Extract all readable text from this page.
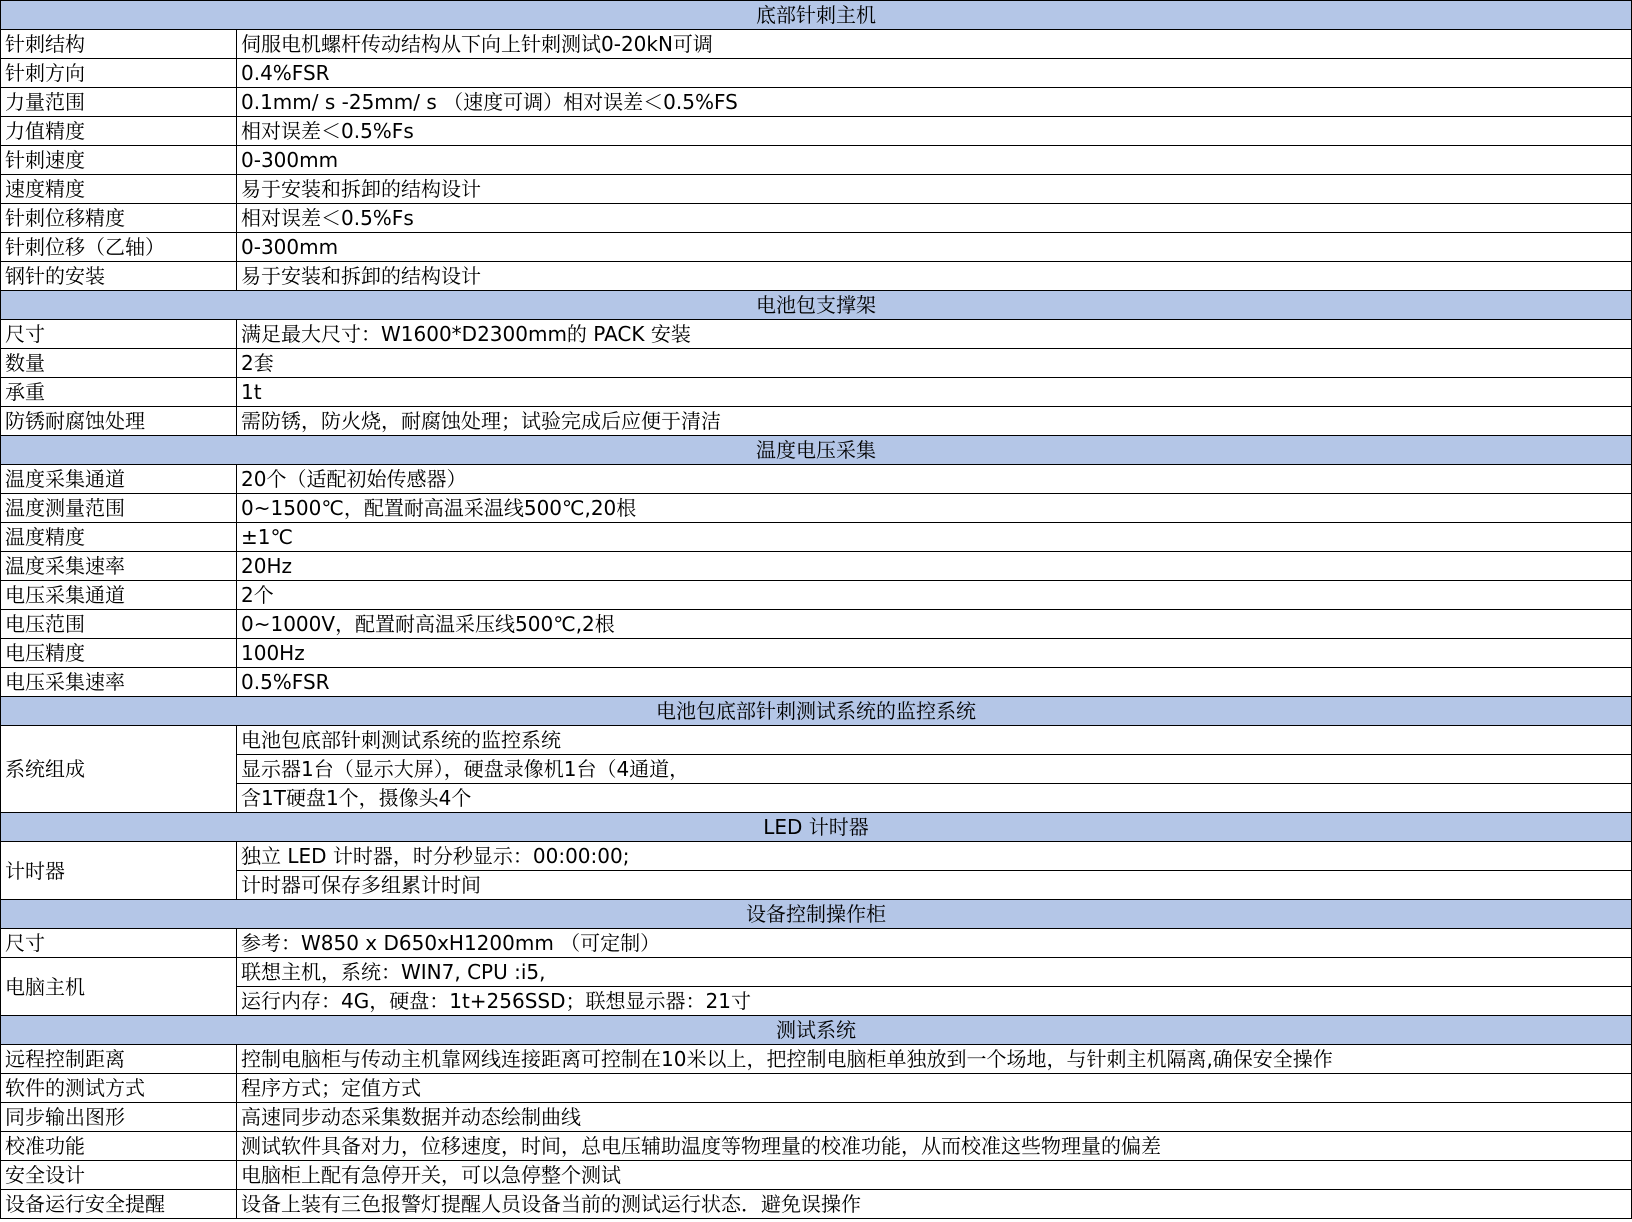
底部针刺主机	
针刺结构	伺服电机螺杆传动结构从下向上针刺测试0-20kN可调

针刺方向	0.4%FSR

力量范围	0.1mm/ s -25mm/ s （速度可调）相对误差＜0.5%FS

力值精度	相对误差＜0.5%Fs

针刺速度	0-300mm

速度精度	易于安装和拆卸的结构设计

针刺位移精度	相对误差＜0.5%Fs

针刺位移（乙轴）	0-300mm

钢针的安装	易于安装和拆卸的结构设计

电池包支撑架	
尺寸	满足最大尺寸：W1600*D2300mm的 PACK 安装

数量	2套

承重	1t

防锈耐腐蚀处理	需防锈，防火烧，耐腐蚀处理；试验完成后应便于清洁

温度电压采集	
温度采集通道	20个（适配初始传感器）

温度测量范围	0~1500℃，配置耐高温采温线500℃,20根

温度精度	±1℃

温度采集速率	20Hz

电压采集通道	2个

电压范围	0~1000V，配置耐高温采压线500℃,2根

电压精度	100Hz

电压采集速率	0.5%FSR

电池包底部针刺测试系统的监控系统	
系统组成	电池包底部针刺测试系统的监控系统
显示器1台（显示大屏），硬盘录像机1台（4通道，
含1T硬盘1个，摄像头4个

LED 计时器	
计时器	独立 LED 计时器，时分秒显示：00:00:00;
计时器可保存多组累计时间

设备控制操作柜	
尺寸	参考：W850 x D650xH1200mm （可定制）

电脑主机	联想主机，系统：WIN7, CPU :i5,
运行内存：4G，硬盘：1t+256SSD；联想显示器：21寸

测试系统	
远程控制距离	控制电脑柜与传动主机靠网线连接距离可控制在10米以上，把控制电脑柜单独放到一个场地，与针刺主机隔离,确保安全操作

软件的测试方式	程序方式；定值方式

同步输出图形	高速同步动态采集数据并动态绘制曲线

校准功能	测试软件具备对力，位移速度，时间，总电压辅助温度等物理量的校准功能，从而校准这些物理量的偏差

安全设计	电脑柜上配有急停开关，可以急停整个测试

设备运行安全提醒	设备上装有三色报警灯提醒人员设备当前的测试运行状态．避免误操作
